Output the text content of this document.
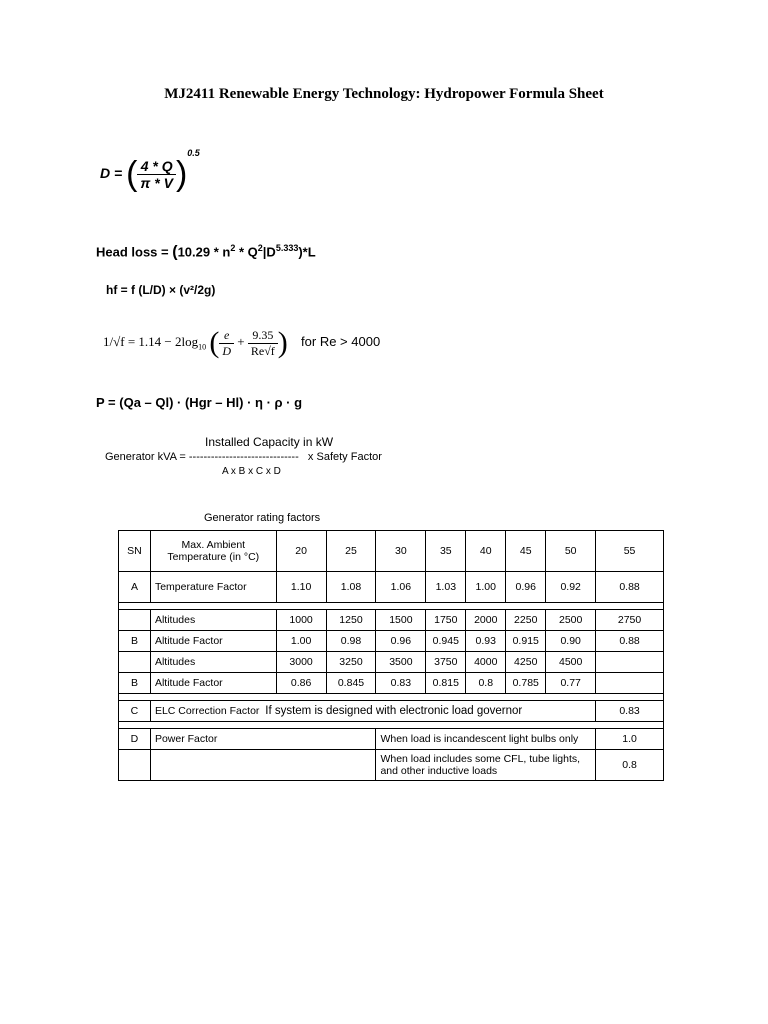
MJ2411 Renewable Energy Technology: Hydropower Formula Sheet
D = ( $\frac{4 * Q}{\pi * V} )^{0.5}$
Head loss = $(10.29 * n^2 * Q^2|D^{5.333})*L$
hf = f (L/D) × (v²/2g)
$1/√f = 1.14 - 2\log_{10}$ ( $\frac{e}{D} + \frac{9.35}{Re√f}$ ) for Re > 4000
P = (Qa – Ql) · (Hgr – Hl) · η · ρ · g
Installed Capacity in kW
Generator kVA = ------------------------------   x Safety Factor
A x B x C x D
Generator rating factors
SN	Max. Ambient Temperature (in °C)	20	25	30	35	40	45	50	55
A	Temperature Factor	1.10	1.08	1.06	1.03	1.00	0.96	0.92	0.88

	Altitudes	1000	1250	1500	1750	2000	2250	2500	2750
B	Altitude Factor	1.00	0.98	0.96	0.945	0.93	0.915	0.90	0.88
	Altitudes	3000	3250	3500	3750	4000	4250	4500	
B	Altitude Factor	0.86	0.845	0.83	0.815	0.8	0.785	0.77	

C	ELC Correction Factor If system is designed with electronic load governor								0.83

D	Power Factor			When load is incandescent light bulbs only					1.0
				When load includes some CFL, tube lights, and other inductive loads					0.8
